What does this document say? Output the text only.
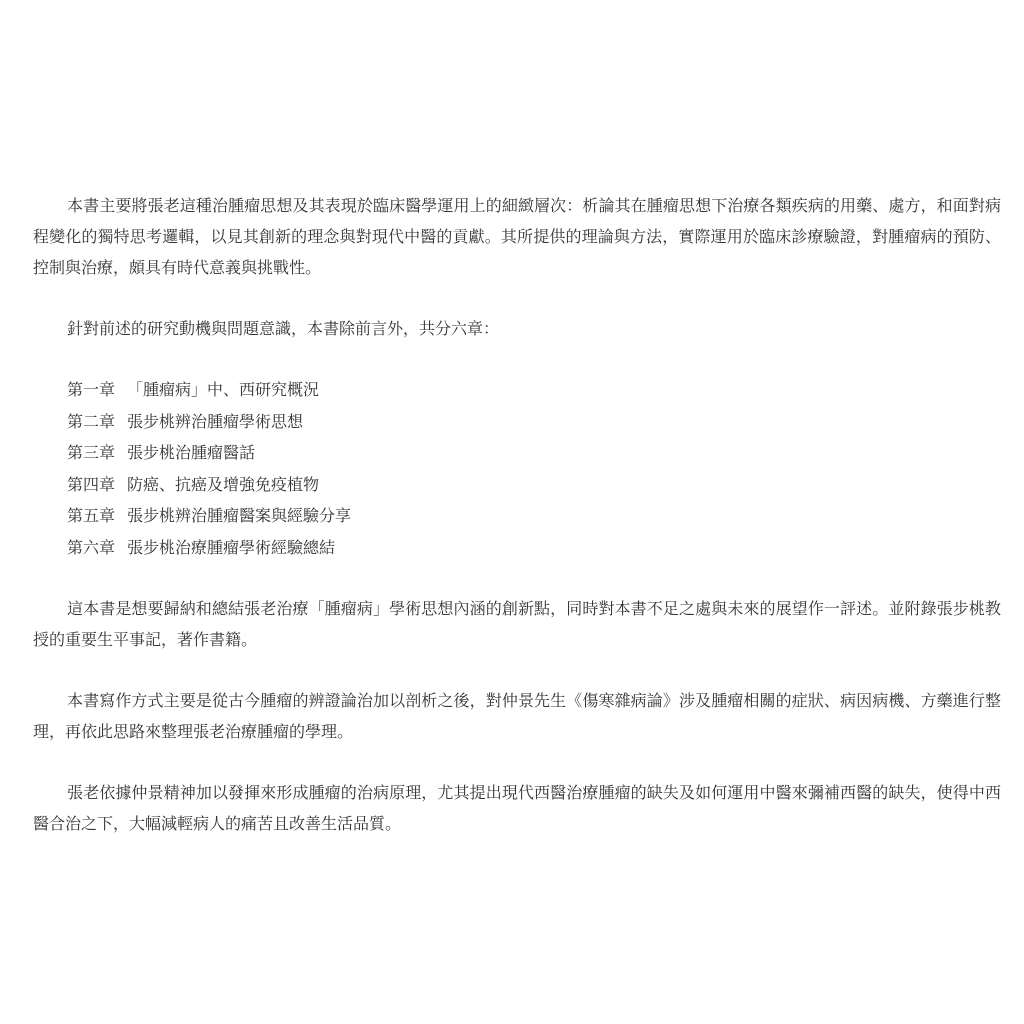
本書主要將張老這種治腫瘤思想及其表現於臨床醫學運用上的細緻層次：析論其在腫瘤思想下治療各類疾病的用藥、處方，和面對病程變化的獨特思考邏輯，以見其創新的理念與對現代中醫的貢獻。其所提供的理論與方法，實際運用於臨床診療驗證，對腫瘤病的預防、控制與治療，頗具有時代意義與挑戰性。

針對前述的研究動機與問題意識，本書除前言外，共分六章：

第一章 「腫瘤病」中、西研究概況
第二章 張步桃辨治腫瘤學術思想
第三章 張步桃治腫瘤醫話
第四章 防癌、抗癌及增強免疫植物
第五章 張步桃辨治腫瘤醫案與經驗分享
第六章 張步桃治療腫瘤學術經驗總結

這本書是想要歸納和總結張老治療「腫瘤病」學術思想內涵的創新點，同時對本書不足之處與未來的展望作一評述。並附錄張步桃教授的重要生平事記，著作書籍。

本書寫作方式主要是從古今腫瘤的辨證論治加以剖析之後，對仲景先生《傷寒雜病論》涉及腫瘤相關的症狀、病因病機、方藥進行整理，再依此思路來整理張老治療腫瘤的學理。

張老依據仲景精神加以發揮來形成腫瘤的治病原理，尤其提出現代西醫治療腫瘤的缺失及如何運用中醫來彌補西醫的缺失，使得中西醫合治之下，大幅減輕病人的痛苦且改善生活品質。
